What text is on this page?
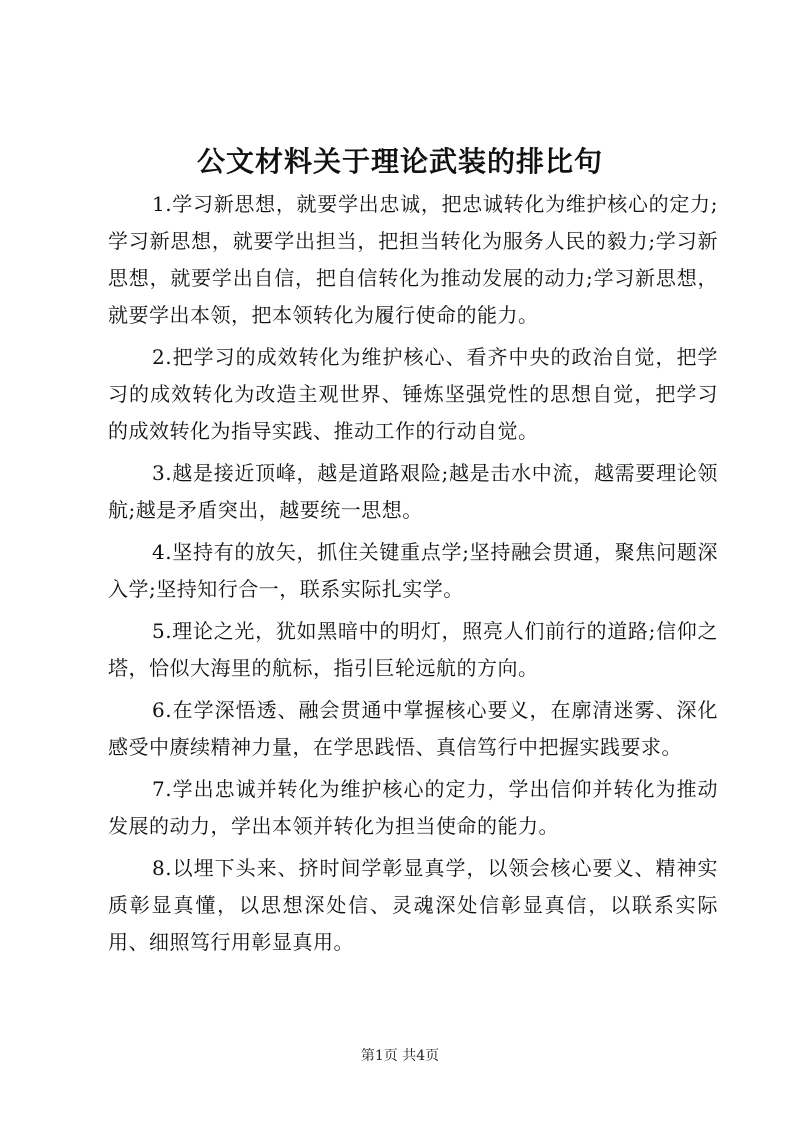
公文材料关于理论武装的排比句

1.学习新思想，就要学出忠诚，把忠诚转化为维护核心的定力;学习新思想，就要学出担当，把担当转化为服务人民的毅力;学习新思想，就要学出自信，把自信转化为推动发展的动力;学习新思想，就要学出本领，把本领转化为履行使命的能力。

2.把学习的成效转化为维护核心、看齐中央的政治自觉，把学习的成效转化为改造主观世界、锤炼坚强党性的思想自觉，把学习的成效转化为指导实践、推动工作的行动自觉。

3.越是接近顶峰，越是道路艰险;越是击水中流，越需要理论领航;越是矛盾突出，越要统一思想。

4.坚持有的放矢，抓住关键重点学;坚持融会贯通，聚焦问题深入学;坚持知行合一，联系实际扎实学。

5.理论之光，犹如黑暗中的明灯，照亮人们前行的道路;信仰之塔，恰似大海里的航标，指引巨轮远航的方向。

6.在学深悟透、融会贯通中掌握核心要义，在廓清迷雾、深化感受中赓续精神力量，在学思践悟、真信笃行中把握实践要求。

7.学出忠诚并转化为维护核心的定力，学出信仰并转化为推动发展的动力，学出本领并转化为担当使命的能力。

8.以埋下头来、挤时间学彰显真学，以领会核心要义、精神实质彰显真懂，以思想深处信、灵魂深处信彰显真信，以联系实际用、细照笃行用彰显真用。

第1页 共4页
